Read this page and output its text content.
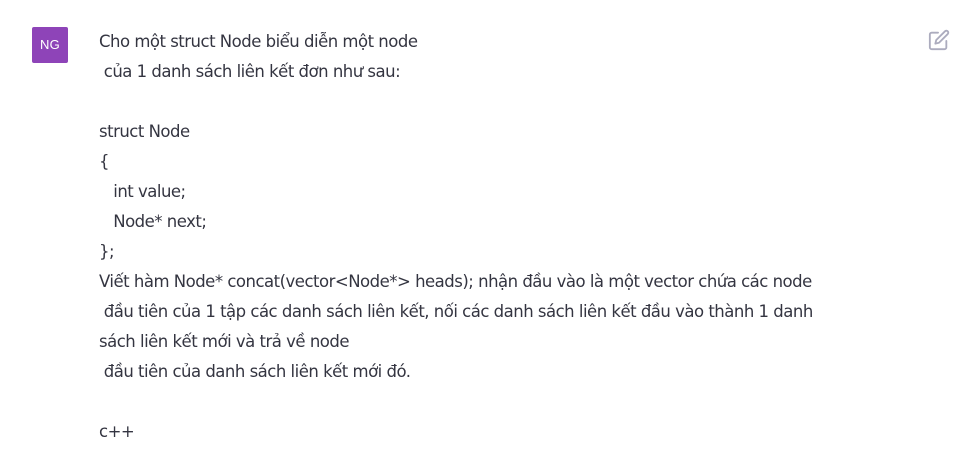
NG	Cho một struct Node biểu diễn một node
của 1 danh sách liên kết đơn như sau:
struct Node
{
int value;
Node* next;
};
Viết hàm Node* concat(vector<Node*> heads); nhận đầu vào là một vector chứa các node
đầu tiên của 1 tập các danh sách liên kết, nối các danh sách liên kết đầu vào thành 1 danh
sách liên kết mới và trả về node
đầu tiên của danh sách liên kết mới đó.
c++
